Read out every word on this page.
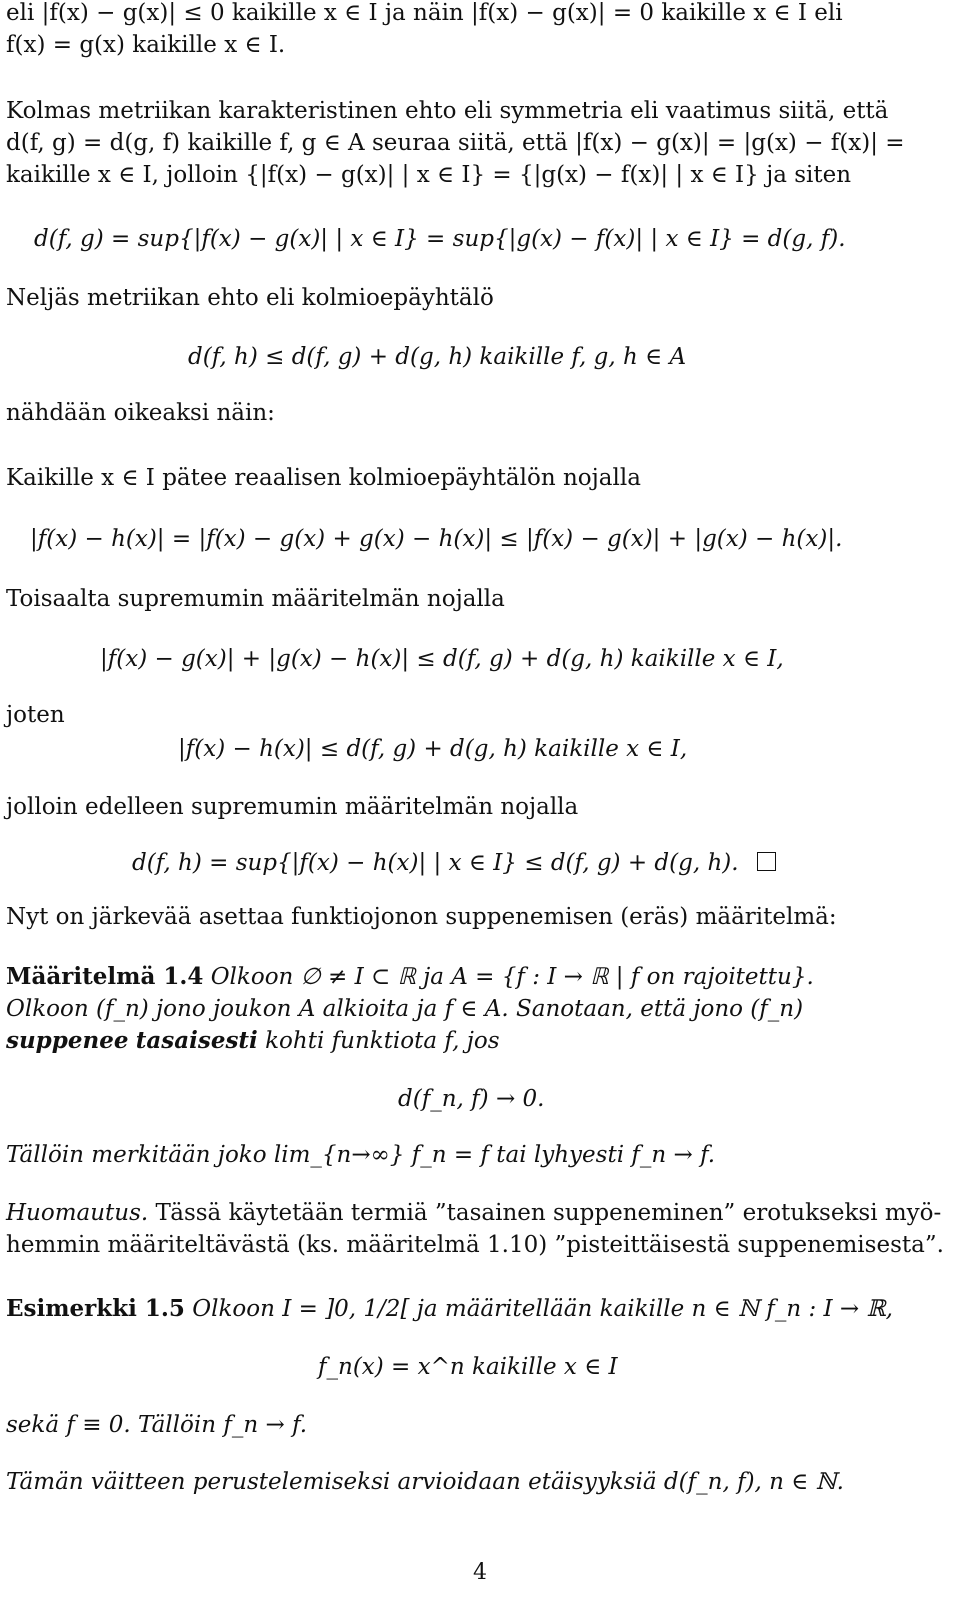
eli |f(x) − g(x)| ≤ 0 kaikille x ∈ I ja näin |f(x) − g(x)| = 0 kaikille x ∈ I eli
f(x) = g(x) kaikille x ∈ I.
Kolmas metriikan karakteristinen ehto eli symmetria eli vaatimus siitä, että
d(f, g) = d(g, f) kaikille f, g ∈ A seuraa siitä, että |f(x) − g(x)| = |g(x) − f(x)| =
kaikille x ∈ I, jolloin {|f(x) − g(x)| | x ∈ I} = {|g(x) − f(x)| | x ∈ I} ja siten
d(f, g) = sup{|f(x) − g(x)| | x ∈ I} = sup{|g(x) − f(x)| | x ∈ I} = d(g, f).
Neljäs metriikan ehto eli kolmioepäyhtälö
d(f, h) ≤ d(f, g) + d(g, h) kaikille f, g, h ∈ A
nähdään oikeaksi näin:
Kaikille x ∈ I pätee reaalisen kolmioepäyhtälön nojalla
|f(x) − h(x)| = |f(x) − g(x) + g(x) − h(x)| ≤ |f(x) − g(x)| + |g(x) − h(x)|.
Toisaalta supremumin määritelmän nojalla
|f(x) − g(x)| + |g(x) − h(x)| ≤ d(f, g) + d(g, h) kaikille x ∈ I,
joten
|f(x) − h(x)| ≤ d(f, g) + d(g, h) kaikille x ∈ I,
jolloin edelleen supremumin määritelmän nojalla
d(f, h) = sup{|f(x) − h(x)| | x ∈ I} ≤ d(f, g) + d(g, h).
Nyt on järkevää asettaa funktiojonon suppenemisen (eräs) määritelmä:
Määritelmä 1.4 Olkoon ∅ ≠ I ⊂ ℝ ja A = {f : I → ℝ | f on rajoitettu}.
Olkoon (f_n) jono joukon A alkioita ja f ∈ A. Sanotaan, että jono (f_n)
suppenee tasaisesti kohti funktiota f, jos
d(f_n, f) → 0.
Tällöin merkitään joko lim_{n→∞} f_n = f tai lyhyesti f_n → f.
Huomautus. Tässä käytetään termiä ”tasainen suppeneminen” erotukseksi myö-
hemmin määriteltävästä (ks. määritelmä 1.10) ”pisteittäisestä suppenemisesta”.
Esimerkki 1.5 Olkoon I = ]0, 1/2[ ja määritellään kaikille n ∈ ℕ f_n : I → ℝ,
f_n(x) = x^n kaikille x ∈ I
sekä f ≡ 0. Tällöin f_n → f.
Tämän väitteen perustelemiseksi arvioidaan etäisyyksiä d(f_n, f), n ∈ ℕ.
4
